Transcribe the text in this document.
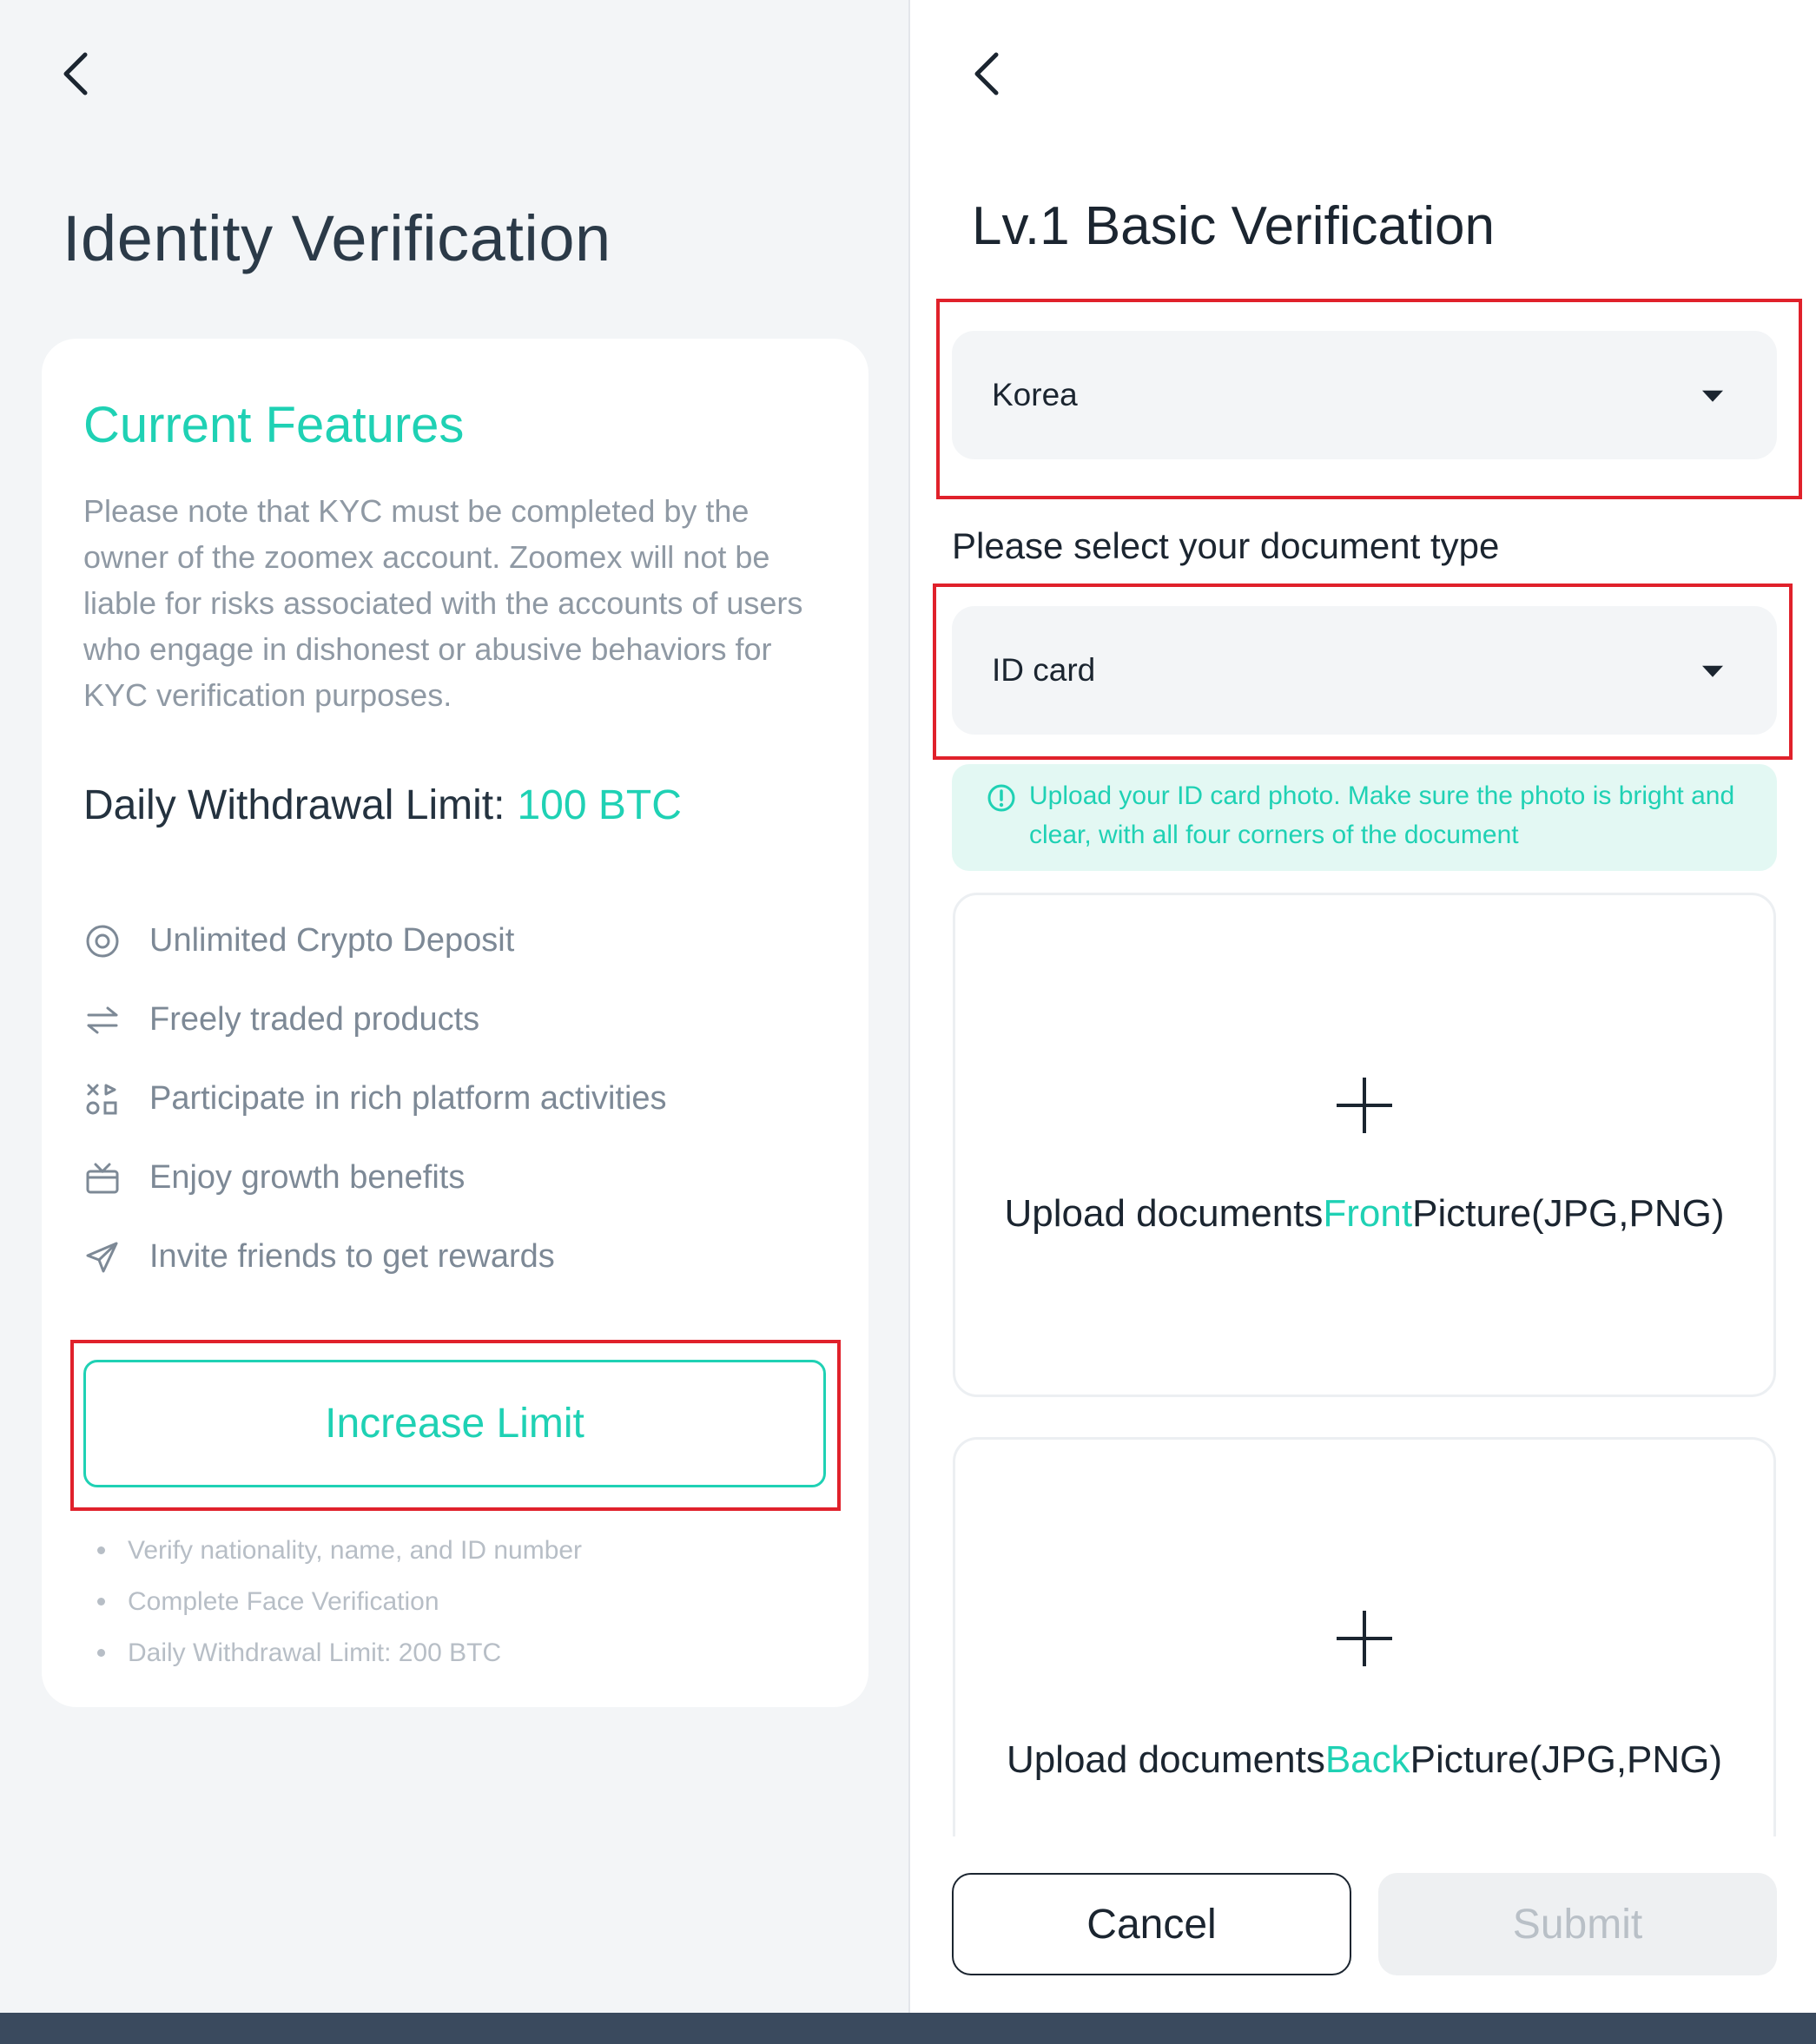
Identity Verification
Current Features
Please note that KYC must be completed by the owner of the zoomex account. Zoomex will not be liable for risks associated with the accounts of users who engage in dishonest or abusive behaviors for KYC verification purposes.
Daily Withdrawal Limit: 100 BTC
Unlimited Crypto Deposit
Freely traded products
Participate in rich platform activities
Enjoy growth benefits
Invite friends to get rewards
Verify nationality, name, and ID number
Complete Face Verification
Daily Withdrawal Limit: 200 BTC
Increase Limit
Lv.1 Basic Verification
Korea
Please select your document type
ID card
Upload your ID card photo. Make sure the photo is bright and clear, with all four corners of the document
Upload documentsFrontPicture(JPG,PNG)
Upload documentsBackPicture(JPG,PNG)
Cancel	Submit
